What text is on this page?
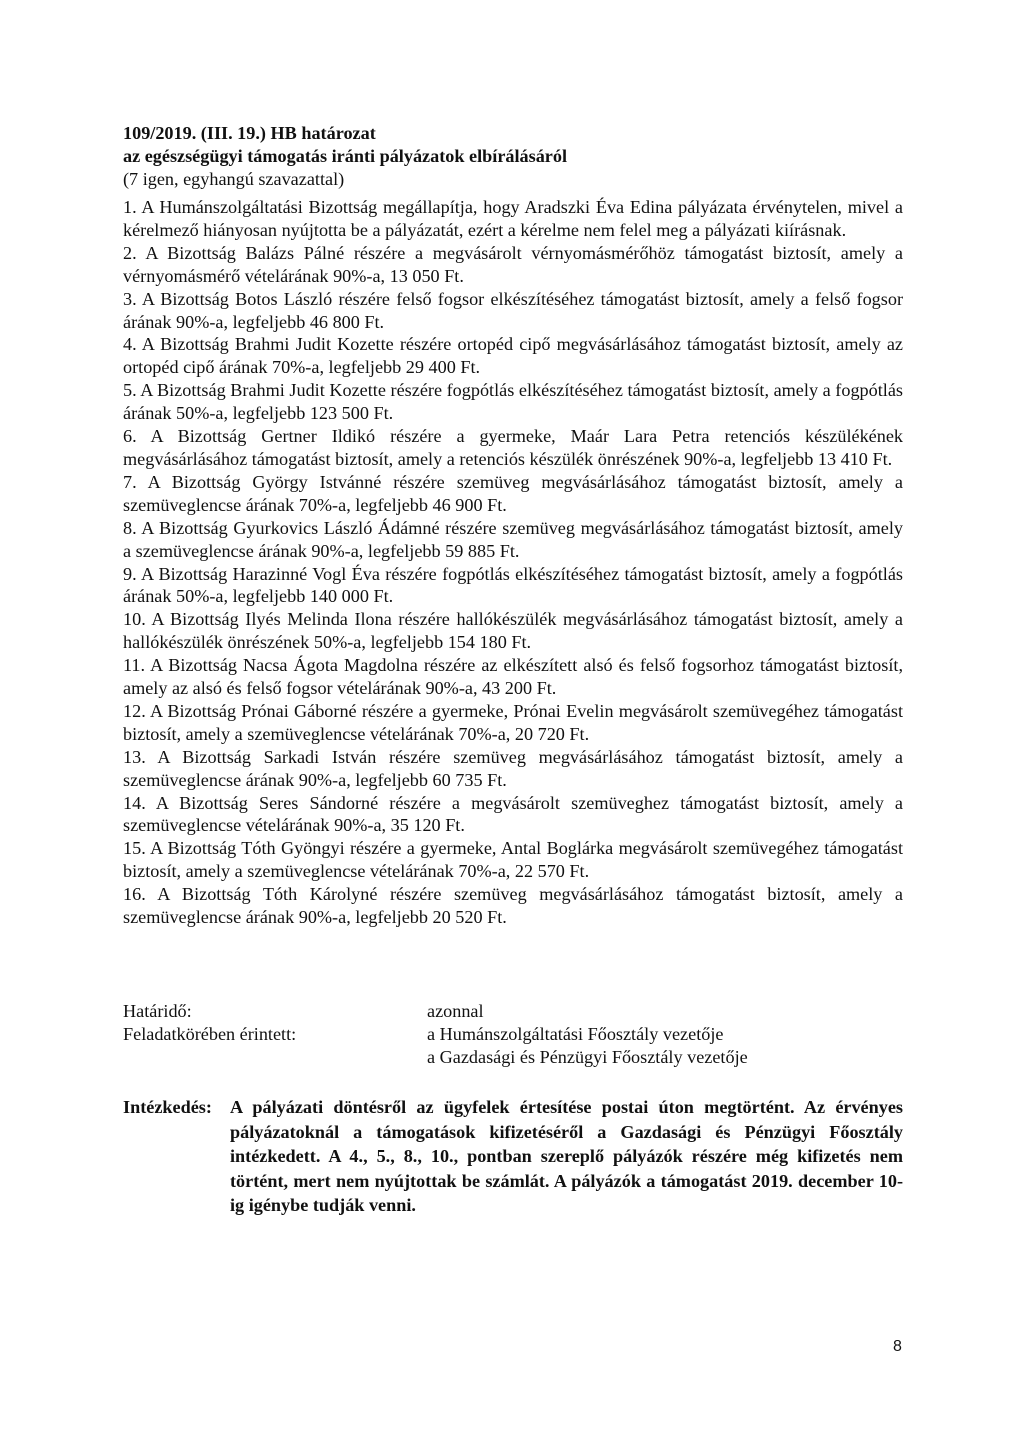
109/2019. (III. 19.) HB határozat
az egészségügyi támogatás iránti pályázatok elbírálásáról
(7 igen, egyhangú szavazattal)

1. A Humánszolgáltatási Bizottság megállapítja, hogy Aradszki Éva Edina pályázata érvénytelen, mivel a kérelmező hiányosan nyújtotta be a pályázatát, ezért a kérelme nem felel meg a pályázati kiírásnak.

2. A Bizottság Balázs Pálné részére a megvásárolt vérnyomásmérőhöz támogatást biztosít, amely a vérnyomásmérő vételárának 90%-a, 13 050 Ft.

3. A Bizottság Botos László részére felső fogsor elkészítéséhez támogatást biztosít, amely a felső fogsor árának 90%-a, legfeljebb 46 800 Ft.

4. A Bizottság Brahmi Judit Kozette részére ortopéd cipő megvásárlásához támogatást biztosít, amely az ortopéd cipő árának 70%-a, legfeljebb 29 400 Ft.

5. A Bizottság Brahmi Judit Kozette részére fogpótlás elkészítéséhez támogatást biztosít, amely a fogpótlás árának 50%-a, legfeljebb 123 500 Ft.

6. A Bizottság Gertner Ildikó részére a gyermeke, Maár Lara Petra retenciós készülékének megvásárlásához támogatást biztosít, amely a retenciós készülék önrészének 90%-a, legfeljebb 13 410 Ft.

7. A Bizottság György Istvánné részére szemüveg megvásárlásához támogatást biztosít, amely a szemüveglencse árának 70%-a, legfeljebb 46 900 Ft.

8. A Bizottság Gyurkovics László Ádámné részére szemüveg megvásárlásához támogatást biztosít, amely a szemüveglencse árának 90%-a, legfeljebb 59 885 Ft.

9. A Bizottság Harazinné Vogl Éva részére fogpótlás elkészítéséhez támogatást biztosít, amely a fogpótlás árának 50%-a, legfeljebb 140 000 Ft.

10. A Bizottság Ilyés Melinda Ilona részére hallókészülék megvásárlásához támogatást biztosít, amely a hallókészülék önrészének 50%-a, legfeljebb 154 180 Ft.

11. A Bizottság Nacsa Ágota Magdolna részére az elkészített alsó és felső fogsorhoz támogatást biztosít, amely az alsó és felső fogsor vételárának 90%-a, 43 200 Ft.

12. A Bizottság Prónai Gáborné részére a gyermeke, Prónai Evelin megvásárolt szemüvegéhez támogatást biztosít, amely a szemüveglencse vételárának 70%-a, 20 720 Ft.

13. A Bizottság Sarkadi István részére szemüveg megvásárlásához támogatást biztosít, amely a szemüveglencse árának 90%-a, legfeljebb 60 735 Ft.

14. A Bizottság Seres Sándorné részére a megvásárolt szemüveghez támogatást biztosít, amely a szemüveglencse vételárának 90%-a, 35 120 Ft.

15. A Bizottság Tóth Gyöngyi részére a gyermeke, Antal Boglárka megvásárolt szemüvegéhez támogatást biztosít, amely a szemüveglencse vételárának 70%-a, 22 570 Ft.

16. A Bizottság Tóth Károlyné részére szemüveg megvásárlásához támogatást biztosít, amely a szemüveglencse árának 90%-a, legfeljebb 20 520 Ft.

Határidő:	azonnal
Feladatkörében érintett:	a Humánszolgáltatási Főosztály vezetője
a Gazdasági és Pénzügyi Főosztály vezetője
Intézkedés: A pályázati döntésről az ügyfelek értesítése postai úton megtörtént. Az érvényes pályázatoknál a támogatások kifizetéséről a Gazdasági és Pénzügyi Főosztály intézkedett. A 4., 5., 8., 10., pontban szereplő pályázók részére még kifizetés nem történt, mert nem nyújtottak be számlát. A pályázók a támogatást 2019. december 10-ig igénybe tudják venni.
8
